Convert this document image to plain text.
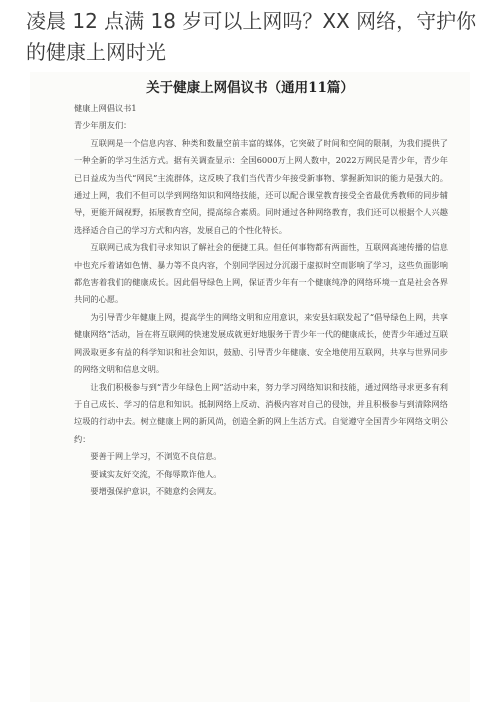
凌晨 12 点满 18 岁可以上网吗？XX 网络，守护你的健康上网时光
关于健康上网倡议书（通用11篇）

健康上网倡议书1

青少年朋友们：

互联网是一个信息内容、种类和数量空前丰富的媒体，它突破了时间和空间的限制，为我们提供了一种全新的学习生活方式。据有关调查显示：全国6000万上网人数中，2022万网民是青少年，青少年已日益成为当代“网民”主流群体，这反映了我们当代青少年接受新事物、掌握新知识的能力是强大的。通过上网，我们不但可以学到网络知识和网络技能，还可以配合课堂教育接受全省最优秀教师的同步辅导，更能开阔视野，拓展教育空间，提高综合素质。同时通过各种网络教育，我们还可以根据个人兴趣选择适合自己的学习方式和内容，发展自己的个性化特长。

互联网已成为我们寻求知识了解社会的便捷工具。但任何事物都有两面性，互联网高速传播的信息中也充斥着诸如色情、暴力等不良内容，个别同学因过分沉溺于虚拟时空而影响了学习，这些负面影响都危害着我们的健康成长。因此倡导绿色上网，保证青少年有一个健康纯净的网络环境一直是社会各界共同的心愿。

为引导青少年健康上网，提高学生的网络文明和应用意识，来安县妇联发起了“倡导绿色上网，共享健康网络”活动，旨在将互联网的快速发展成就更好地服务于青少年一代的健康成长，使青少年通过互联网汲取更多有益的科学知识和社会知识，鼓励、引导青少年健康、安全地使用互联网，共享与世界同步的网络文明和信息文明。

让我们积极参与到“青少年绿色上网”活动中来，努力学习网络知识和技能，通过网络寻求更多有利于自己成长、学习的信息和知识。抵制网络上反动、消极内容对自己的侵蚀，并且积极参与到清除网络垃圾的行动中去。树立健康上网的新风尚，创造全新的网上生活方式。自觉遵守全国青少年网络文明公约：

要善于网上学习，不浏览不良信息。

要诚实友好交流，不侮辱欺诈他人。

要增强保护意识，不随意约会网友。
